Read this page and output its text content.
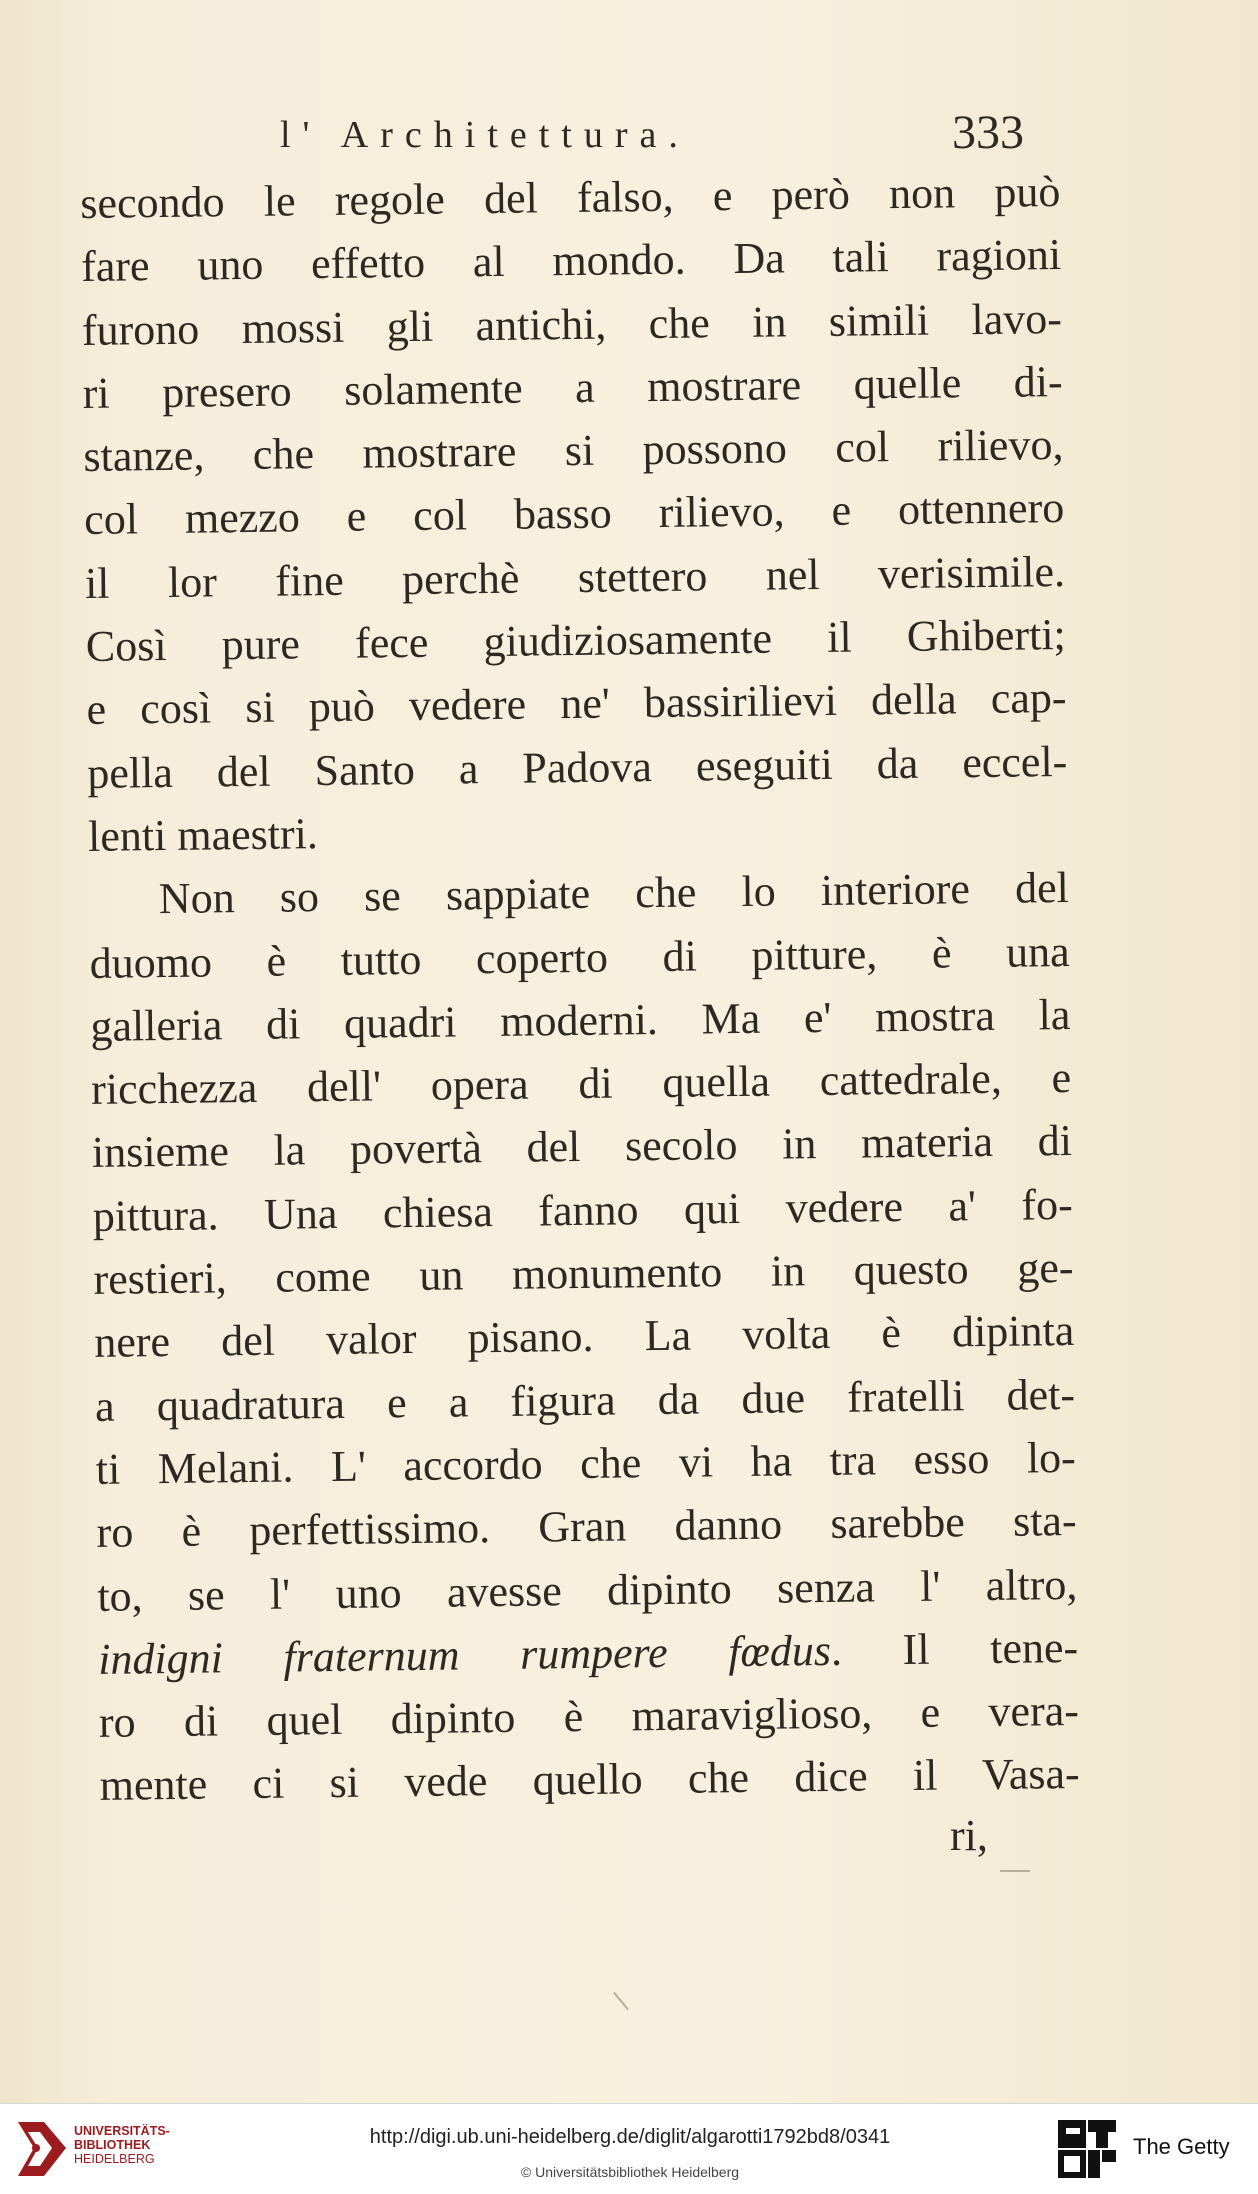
l' Architettura.	333
secondo le regole del falso, e però non può
fare uno effetto al mondo. Da tali ragioni
furono mossi gli antichi, che in simili lavo-
ri presero solamente a mostrare quelle di-
stanze, che mostrare si possono col rilievo,
col mezzo e col basso rilievo, e ottennero
il lor fine perchè stettero nel verisimile.
Così pure fece giudiziosamente il Ghiberti;
e così si può vedere ne' bassirilievi della cap-
pella del Santo a Padova eseguiti da eccel-
lenti maestri.
Non so se sappiate che lo interiore del
duomo è tutto coperto di pitture, è una
galleria di quadri moderni. Ma e' mostra la
ricchezza dell' opera di quella cattedrale, e
insieme la povertà del secolo in materia di
pittura. Una chiesa fanno qui vedere a' fo-
restieri, come un monumento in questo ge-
nere del valor pisano. La volta è dipinta
a quadratura e a figura da due fratelli det-
ti Melani. L' accordo che vi ha tra esso lo-
ro è perfettissimo. Gran danno sarebbe sta-
to, se l' uno avesse dipinto senza l' altro,
indigni fraternum rumpere fœdus. Il tene-
ro di quel dipinto è maraviglioso, e vera-
mente ci si vede quello che dice il Vasa-
ri,
UNIVERSITÄTS-
BIBLIOTHEK
HEIDELBERG
http://digi.ub.uni-heidelberg.de/diglit/algarotti1792bd8/0341
© Universitätsbibliothek Heidelberg
The Getty
